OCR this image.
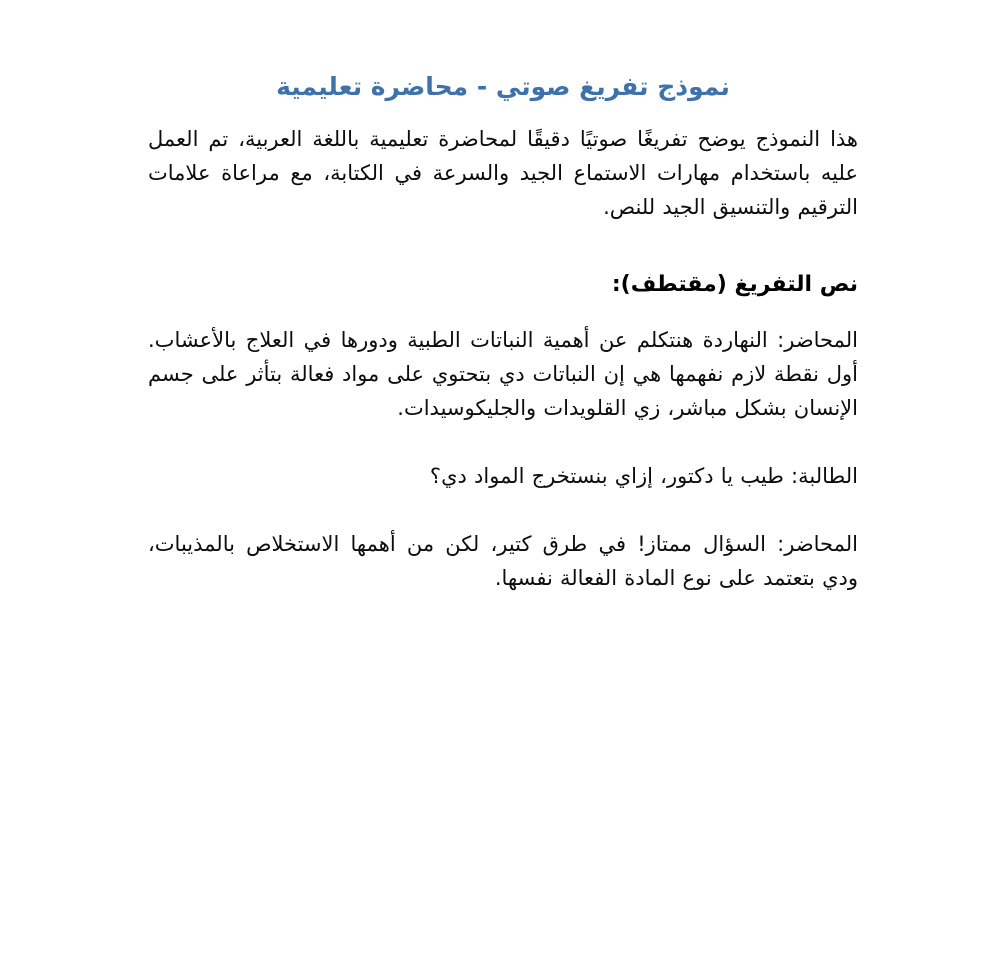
نموذج تفريغ صوتي - محاضرة تعليمية

هذا النموذج يوضح تفريغًا صوتيًا دقيقًا لمحاضرة تعليمية باللغة العربية، تم العمل عليه باستخدام مهارات الاستماع الجيد والسرعة في الكتابة، مع مراعاة علامات الترقيم والتنسيق الجيد للنص.

نص التفريغ (مقتطف):

المحاضر: النهاردة هنتكلم عن أهمية النباتات الطبية ودورها في العلاج بالأعشاب. أول نقطة لازم نفهمها هي إن النباتات دي بتحتوي على مواد فعالة بتأثر على جسم الإنسان بشكل مباشر، زي القلويدات والجليكوسيدات.

الطالبة: طيب يا دكتور، إزاي بنستخرج المواد دي؟

المحاضر: السؤال ممتاز! في طرق كتير، لكن من أهمها الاستخلاص بالمذيبات، ودي بتعتمد على نوع المادة الفعالة نفسها.
